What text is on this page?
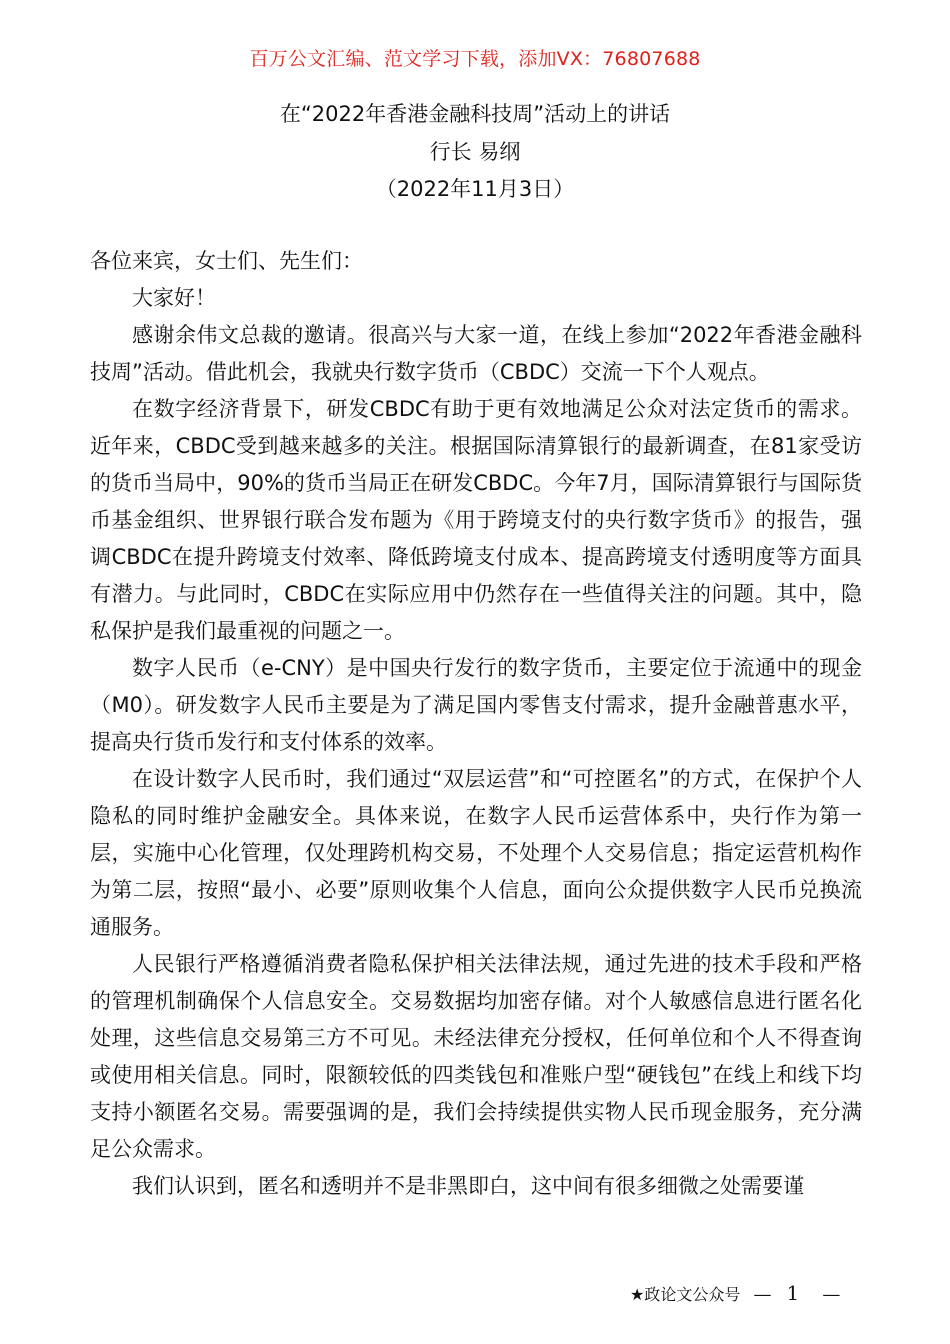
百万公文汇编、范文学习下载，添加VX：76807688
在“2022年香港金融科技周”活动上的讲话
行长 易纲
（2022年11月3日）

各位来宾，女士们、先生们：

大家好！

感谢余伟文总裁的邀请。很高兴与大家一道，在线上参加“2022年香港金融科技周”活动。借此机会，我就央行数字货币（CBDC）交流一下个人观点。

在数字经济背景下，研发CBDC有助于更有效地满足公众对法定货币的需求。近年来，CBDC受到越来越多的关注。根据国际清算银行的最新调查，在81家受访的货币当局中，90%的货币当局正在研发CBDC。今年7月，国际清算银行与国际货币基金组织、世界银行联合发布题为《用于跨境支付的央行数字货币》的报告，强调CBDC在提升跨境支付效率、降低跨境支付成本、提高跨境支付透明度等方面具有潜力。与此同时，CBDC在实际应用中仍然存在一些值得关注的问题。其中，隐私保护是我们最重视的问题之一。

数字人民币（e-CNY）是中国央行发行的数字货币，主要定位于流通中的现金（M0）。研发数字人民币主要是为了满足国内零售支付需求，提升金融普惠水平，提高央行货币发行和支付体系的效率。

在设计数字人民币时，我们通过“双层运营”和“可控匿名”的方式，在保护个人隐私的同时维护金融安全。具体来说，在数字人民币运营体系中，央行作为第一层，实施中心化管理，仅处理跨机构交易，不处理个人交易信息；指定运营机构作为第二层，按照“最小、必要”原则收集个人信息，面向公众提供数字人民币兑换流通服务。

人民银行严格遵循消费者隐私保护相关法律法规，通过先进的技术手段和严格的管理机制确保个人信息安全。交易数据均加密存储。对个人敏感信息进行匿名化处理，这些信息交易第三方不可见。未经法律充分授权，任何单位和个人不得查询或使用相关信息。同时，限额较低的四类钱包和准账户型“硬钱包”在线上和线下均支持小额匿名交易。需要强调的是，我们会持续提供实物人民币现金服务，充分满足公众需求。

我们认识到，匿名和透明并不是非黑即白，这中间有很多细微之处需要谨

★政论文公众号 — 1 —
